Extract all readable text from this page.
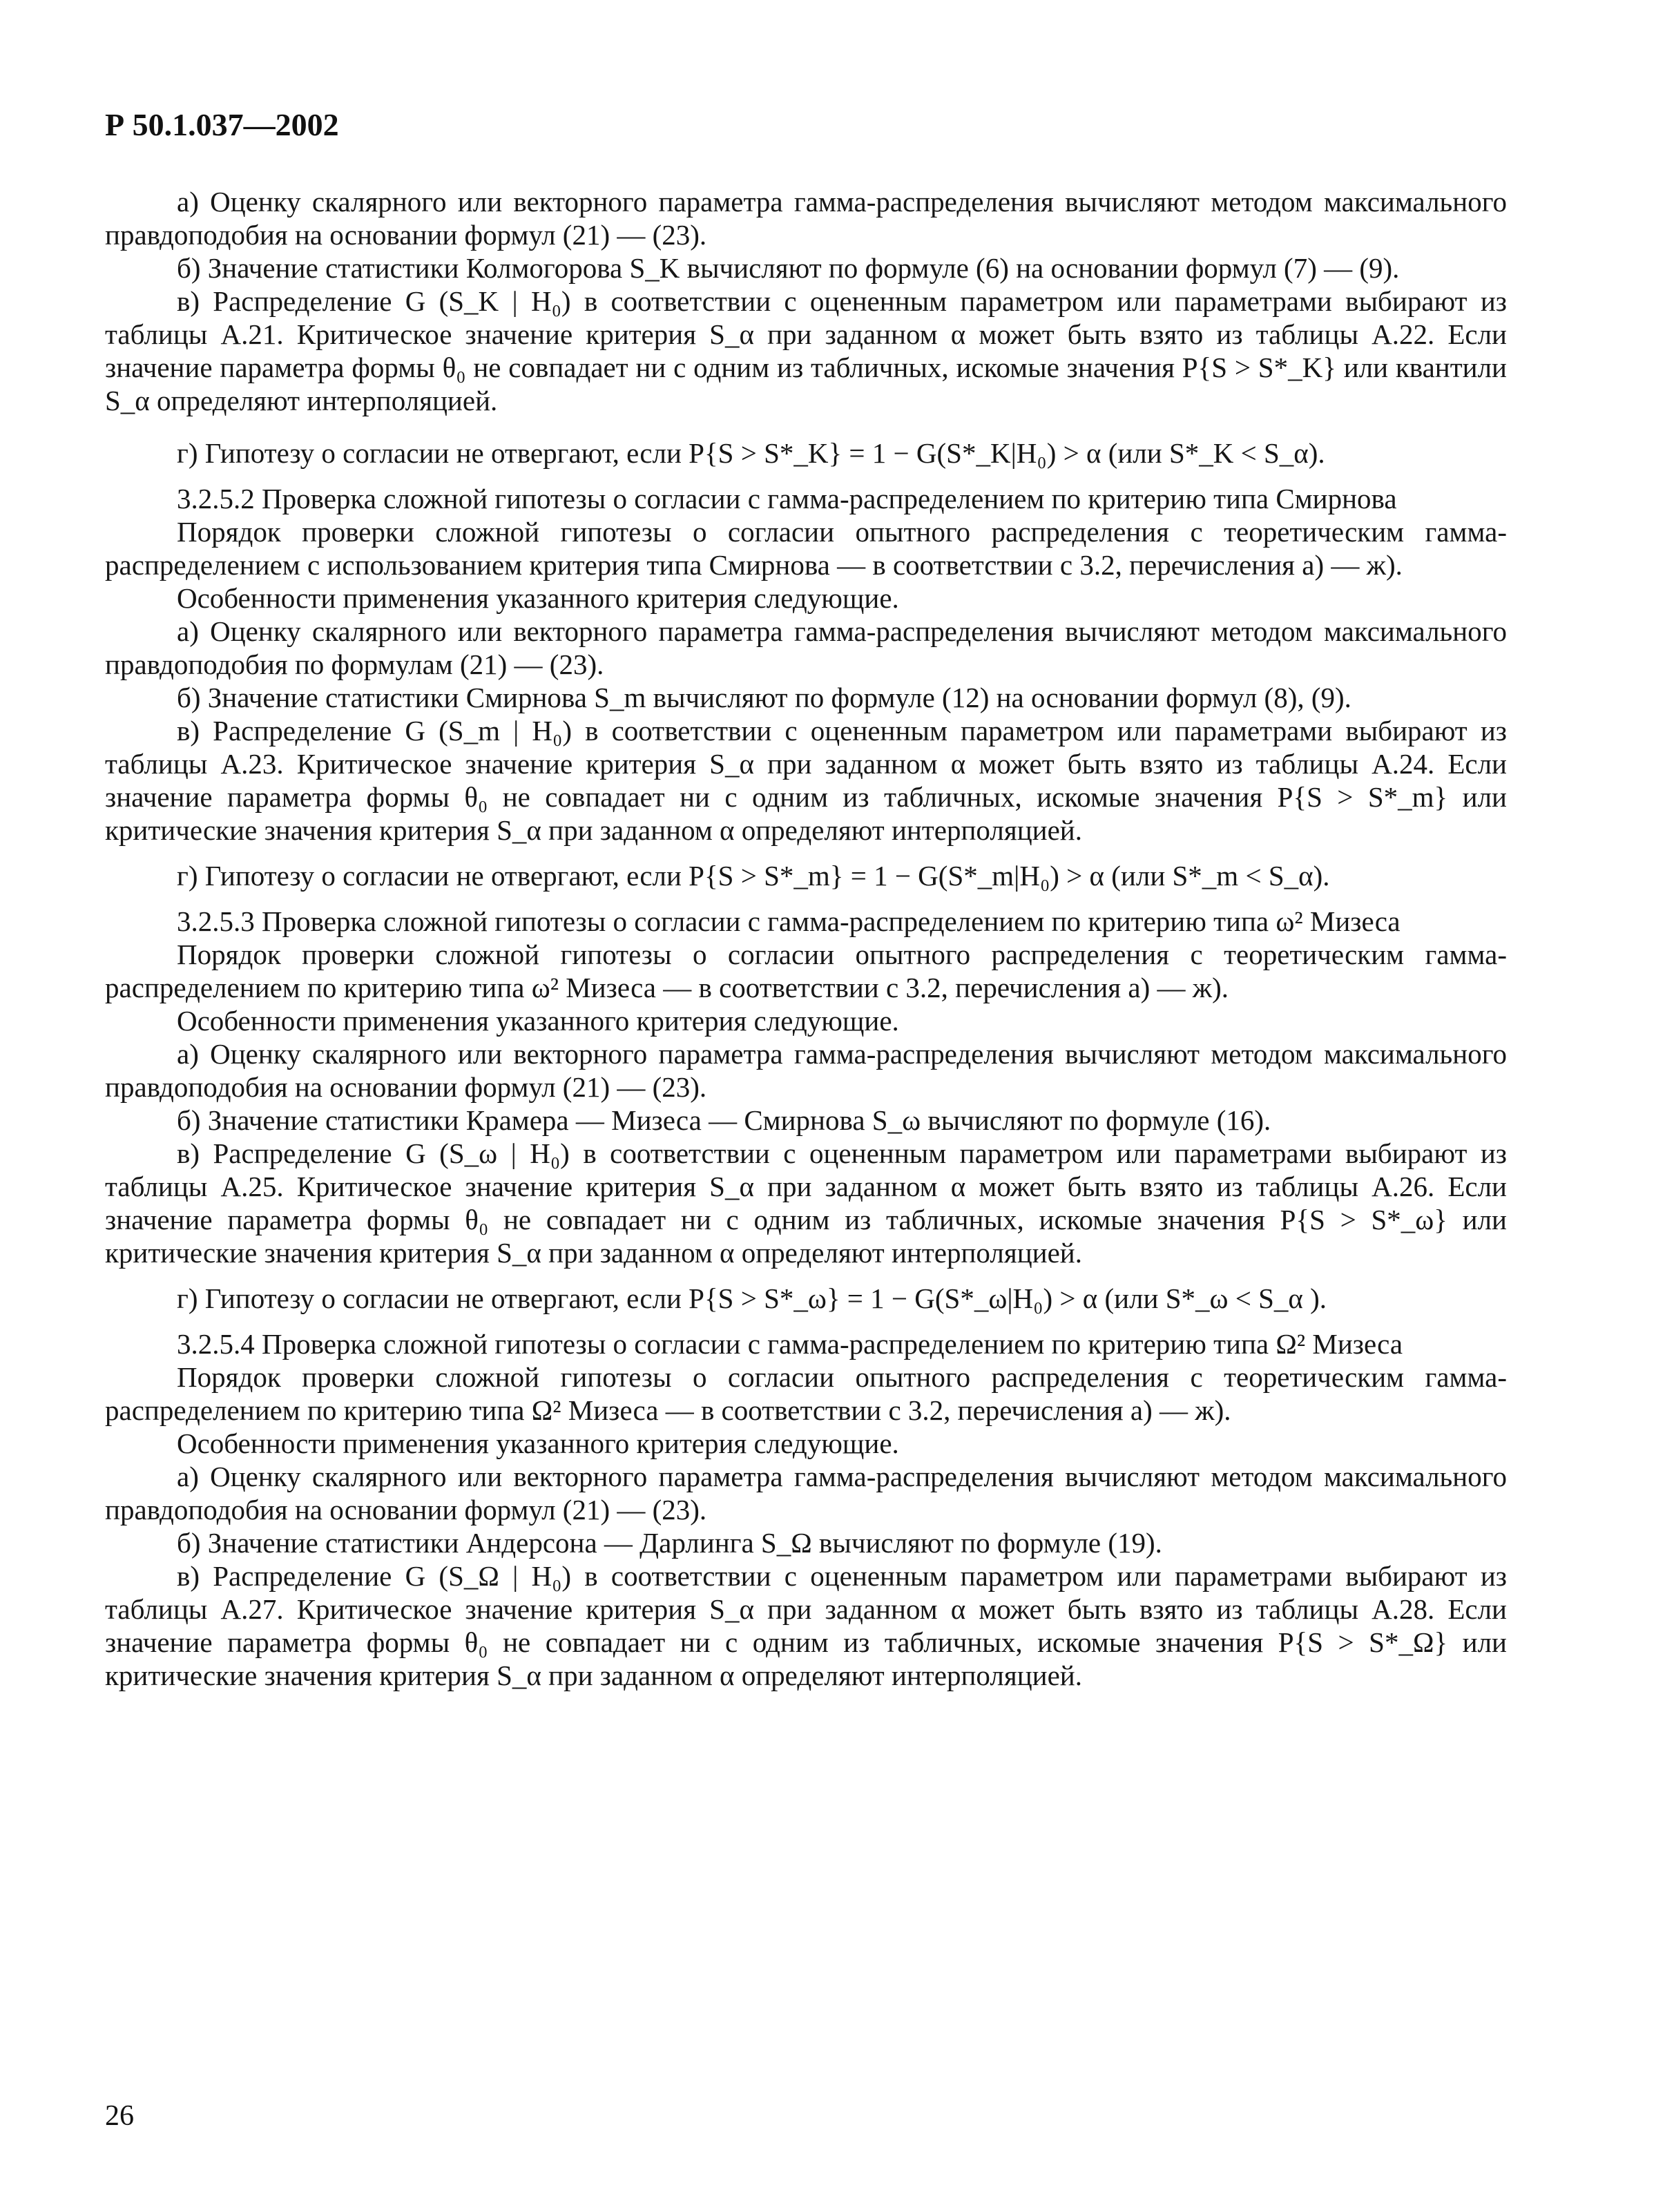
Р 50.1.037—2002

а) Оценку скалярного или векторного параметра гамма-распределения вычисляют методом максимального правдоподобия на основании формул (21) — (23).

б) Значение статистики Колмогорова S_K вычисляют по формуле (6) на основании формул (7) — (9).

в) Распределение G (S_K | H₀) в соответствии с оцененным параметром или параметрами выбирают из таблицы А.21. Критическое значение критерия S_α при заданном α может быть взято из таблицы А.22. Если значение параметра формы θ₀ не совпадает ни с одним из табличных, искомые значения P{S > S*_K} или квантили S_α определяют интерполяцией.

г) Гипотезу о согласии не отвергают, если P{S > S*_K} = 1 − G(S*_K|H₀) > α (или S*_K < S_α).

3.2.5.2 Проверка сложной гипотезы о согласии с гамма-распределением по критерию типа Смирнова

Порядок проверки сложной гипотезы о согласии опытного распределения с теоретическим гамма-распределением с использованием критерия типа Смирнова — в соответствии с 3.2, перечисления а) — ж).

Особенности применения указанного критерия следующие.

а) Оценку скалярного или векторного параметра гамма-распределения вычисляют методом максимального правдоподобия по формулам (21) — (23).

б) Значение статистики Смирнова S_m вычисляют по формуле (12) на основании формул (8), (9).

в) Распределение G (S_m | H₀) в соответствии с оцененным параметром или параметрами выбирают из таблицы А.23. Критическое значение критерия S_α при заданном α может быть взято из таблицы А.24. Если значение параметра формы θ₀ не совпадает ни с одним из табличных, искомые значения P{S > S*_m} или критические значения критерия S_α при заданном α определяют интерполяцией.

г) Гипотезу о согласии не отвергают, если P{S > S*_m} = 1 − G(S*_m|H₀) > α (или S*_m < S_α).

3.2.5.3 Проверка сложной гипотезы о согласии с гамма-распределением по критерию типа ω² Мизеса

Порядок проверки сложной гипотезы о согласии опытного распределения с теоретическим гамма-распределением по критерию типа ω² Мизеса — в соответствии с 3.2, перечисления а) — ж).

Особенности применения указанного критерия следующие.

а) Оценку скалярного или векторного параметра гамма-распределения вычисляют методом максимального правдоподобия на основании формул (21) — (23).

б) Значение статистики Крамера — Мизеса — Смирнова S_ω вычисляют по формуле (16).

в) Распределение G (S_ω | H₀) в соответствии с оцененным параметром или параметрами выбирают из таблицы А.25. Критическое значение критерия S_α при заданном α может быть взято из таблицы А.26. Если значение параметра формы θ₀ не совпадает ни с одним из табличных, искомые значения P{S > S*_ω} или критические значения критерия S_α при заданном α определяют интерполяцией.

г) Гипотезу о согласии не отвергают, если P{S > S*_ω} = 1 − G(S*_ω|H₀) > α (или S*_ω < S_α ).

3.2.5.4 Проверка сложной гипотезы о согласии с гамма-распределением по критерию типа Ω² Мизеса

Порядок проверки сложной гипотезы о согласии опытного распределения с теоретическим гамма-распределением по критерию типа Ω² Мизеса — в соответствии с 3.2, перечисления а) — ж).

Особенности применения указанного критерия следующие.

а) Оценку скалярного или векторного параметра гамма-распределения вычисляют методом максимального правдоподобия на основании формул (21) — (23).

б) Значение статистики Андерсона — Дарлинга S_Ω вычисляют по формуле (19).

в) Распределение G (S_Ω | H₀) в соответствии с оцененным параметром или параметрами выбирают из таблицы А.27. Критическое значение критерия S_α при заданном α может быть взято из таблицы А.28. Если значение параметра формы θ₀ не совпадает ни с одним из табличных, искомые значения P{S > S*_Ω} или критические значения критерия S_α при заданном α определяют интерполяцией.

26
